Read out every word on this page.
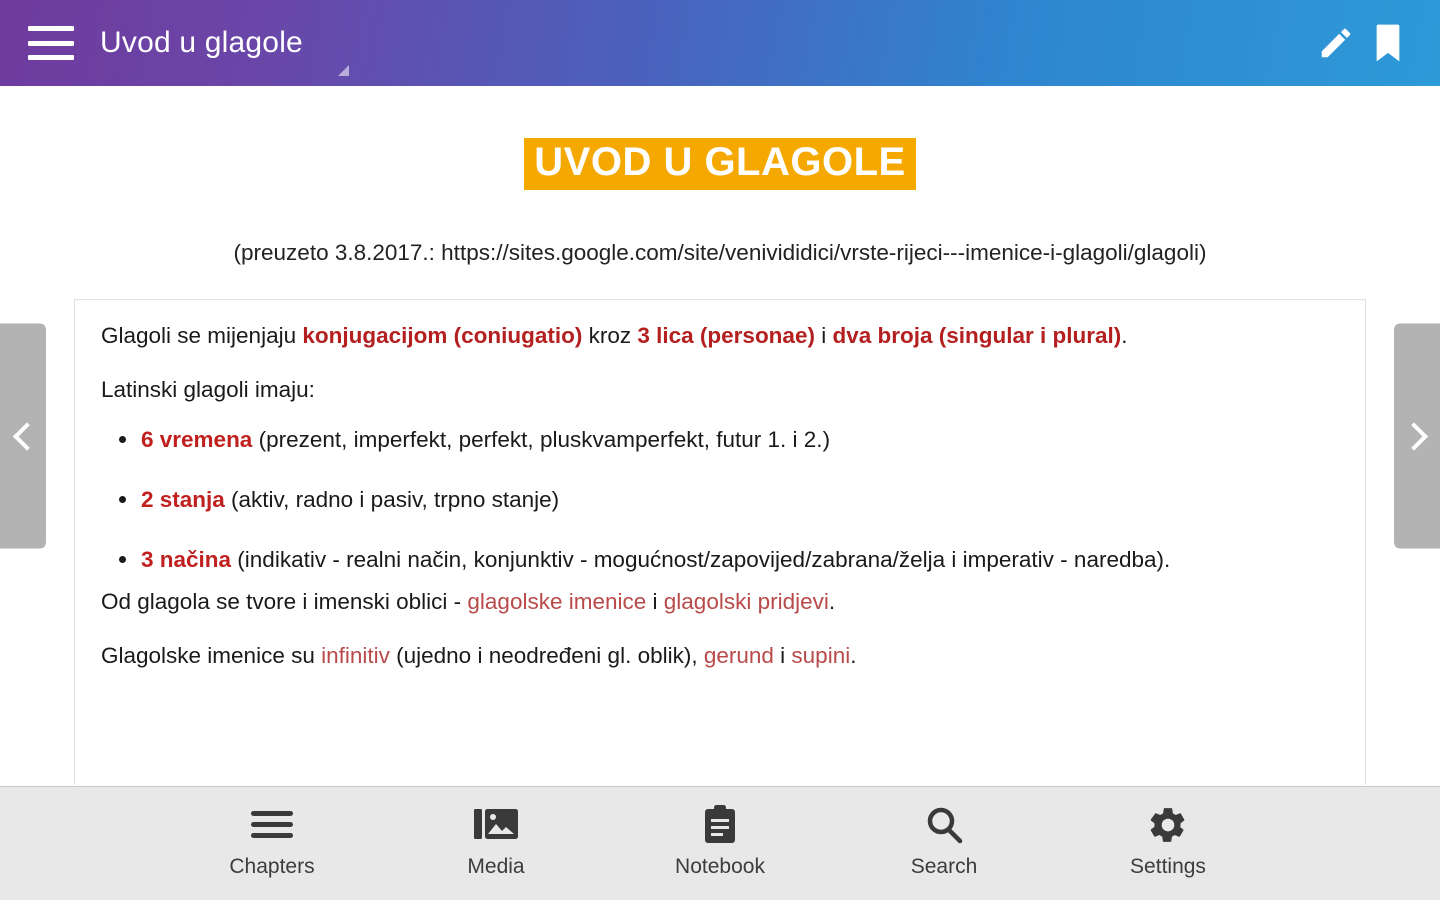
Uvod u glagole
UVOD U GLAGOLE
(preuzeto 3.8.2017.: https://sites.google.com/site/venivididici/vrste-rijeci---imenice-i-glagoli/glagoli)

Glagoli se mijenjaju konjugacijom (coniugatio) kroz 3 lica (personae) i dva broja (singular i plural).

Latinski glagoli imaju:

6 vremena (prezent, imperfekt, perfekt, pluskvamperfekt, futur 1. i 2.)
2 stanja (aktiv, radno i pasiv, trpno stanje)
3 načina (indikativ - realni način, konjunktiv - mogućnost/zapovijed/zabrana/želja i imperativ - naredba).

Od glagola se tvore i imenski oblici - glagolske imenice i glagolski pridjevi.

Glagolske imenice su infinitiv (ujedno i neodređeni gl. oblik), gerund i supini.

Chapters	Media	Notebook	Search	Settings
